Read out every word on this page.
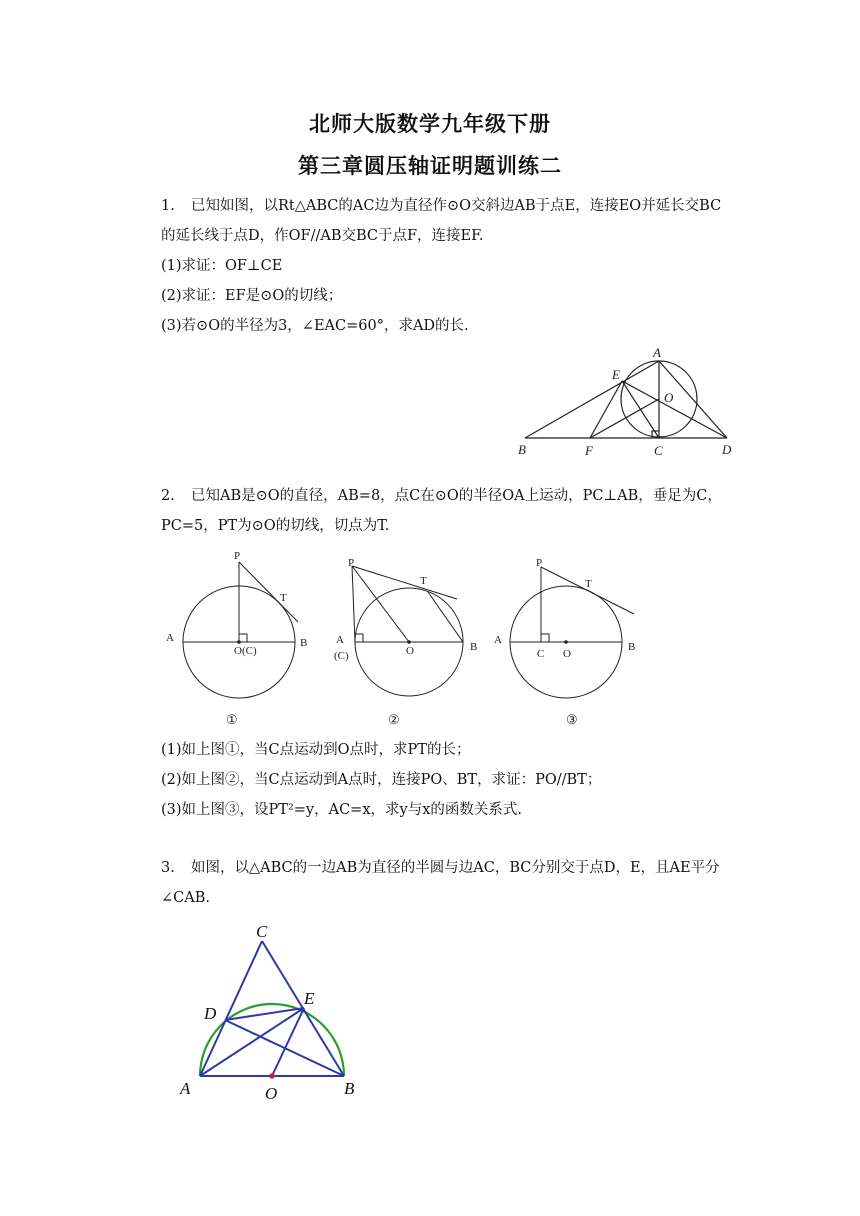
北师大版数学九年级下册
第三章圆压轴证明题训练二
1. 已知如图，以Rt△ABC的AC边为直径作⊙O交斜边AB于点E，连接EO并延长交BC
的延长线于点D，作OF//AB交BC于点F，连接EF.
(1)求证：OF⊥CE
(2)求证：EF是⊙O的切线；
(3)若⊙O的半径为3，∠EAC=60°，求AD的长.
A
E
O
B	F	C	D
2. 已知AB是⊙O的直径，AB=8，点C在⊙O的半径OA上运动，PC⊥AB，垂足为C，
PC=5，PT为⊙O的切线，切点为T.
P
T
A	B
O(C)
①
P
T
A
(C)	O	B
②
P
T
A
C O
B
③
(1)如上图①，当C点运动到O点时，求PT的长；
(2)如上图②，当C点运动到A点时，连接PO、BT，求证：PO//BT；
(3)如上图③，设PT²=y，AC=x，求y与x的函数关系式.
3. 如图，以△ABC的一边AB为直径的半圆与边AC，BC分别交于点D，E，且AE平分
∠CAB.
C
D
E
A	O	B
